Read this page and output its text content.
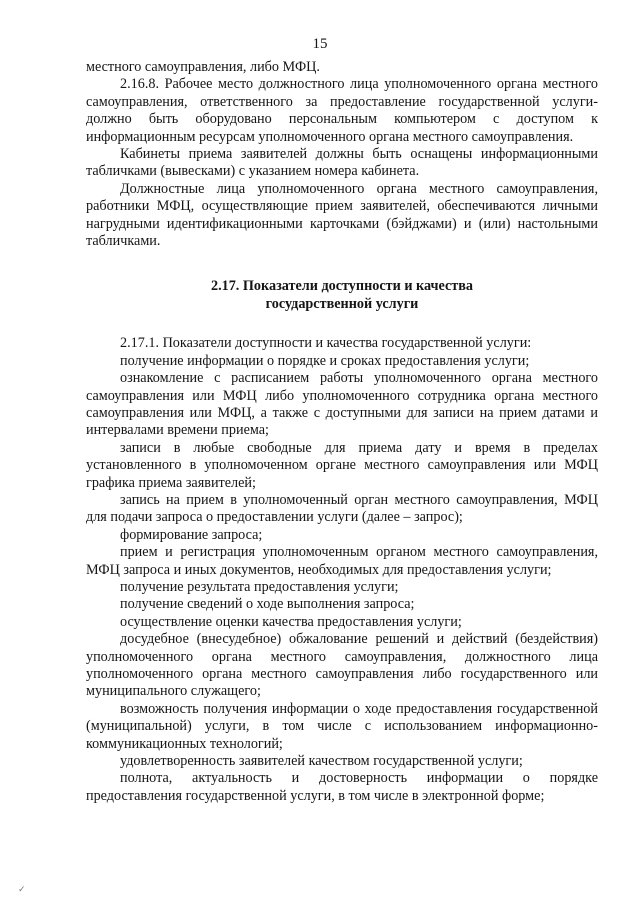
15

местного самоуправления, либо МФЦ.

2.16.8. Рабочее место должностного лица уполномоченного органа местного самоуправления, ответственного за предоставление государственной услуги-должно быть оборудовано персональным компьютером с доступом к информационным ресурсам уполномоченного органа местного самоуправления.

Кабинеты приема заявителей должны быть оснащены информационными табличками (вывесками) с указанием номера кабинета.

Должностные лица уполномоченного органа местного самоуправления, работники МФЦ, осуществляющие прием заявителей, обеспечиваются личными нагрудными идентификационными карточками (бэйджами) и (или) настольными табличками.

2.17. Показатели доступности и качества

государственной услуги

2.17.1. Показатели доступности и качества государственной услуги:

получение информации о порядке и сроках предоставления услуги;

ознакомление с расписанием работы уполномоченного органа местного самоуправления или МФЦ либо уполномоченного сотрудника органа местного самоуправления или МФЦ, а также с доступными для записи на прием датами и интервалами времени приема;

записи в любые свободные для приема дату и время в пределах установленного в уполномоченном органе местного самоуправления или МФЦ графика приема заявителей;

запись на прием в уполномоченный орган местного самоуправления, МФЦ для подачи запроса о предоставлении услуги (далее – запрос);

формирование запроса;

прием и регистрация уполномоченным органом местного самоуправления, МФЦ запроса и иных документов, необходимых для предоставления услуги;

получение результата предоставления услуги;

получение сведений о ходе выполнения запроса;

осуществление оценки качества предоставления услуги;

досудебное (внесудебное) обжалование решений и действий (бездействия) уполномоченного органа местного самоуправления, должностного лица уполномоченного органа местного самоуправления либо государственного или муниципального служащего;

возможность получения информации о ходе предоставления государственной (муниципальной) услуги, в том числе с использованием информационно-коммуникационных технологий;

удовлетворенность заявителей качеством государственной услуги;

полнота, актуальность и достоверность информации о порядке предоставления государственной услуги, в том числе в электронной форме;

✓
